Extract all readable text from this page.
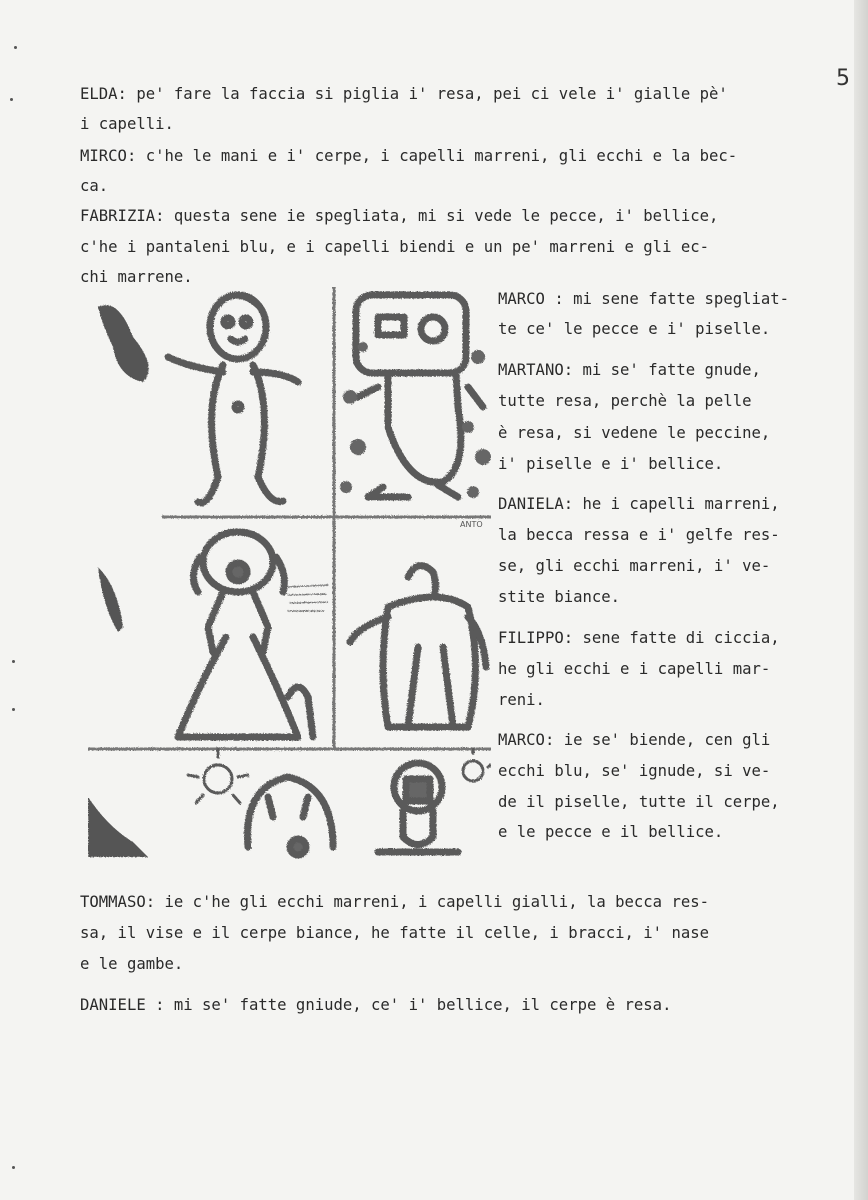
5
ELDA: pe' fare la faccia si piglia i' resa, pei ci vele i' giallе pè'
i capelli.
MIRCO: c'he le mani e i' cerpe, i capelli marreni, gli ecchi e la bec-
ca.
FABRIZIA: questa sene ie spegliata, mi si vede le pecce, i' bellice,
c'he i pantaleni blu, e i capelli biendi e un pe' marreni e gli ec-
chi marrene.
MARCO : mi sene fatte spegliat-
te ce' le pecce e i' piselle.
MARTANO: mi se' fatte gnude,
tutte resa, perchè la pelle
è resa, si vedene le peccine,
i' piselle e i' bellice.
DANIELA: he i capelli marreni,
la becca ressa e i' gelfe res-
se, gli ecchi marreni, i' ve-
stite biance.
FILIPPO: sene fatte di ciccia,
he gli ecchi e i capelli mar-
reni.
MARCO: ie se' biende, cen gli
ecchi blu, se' ignude, si ve-
de il piselle, tutte il cerpe,
e le pecce e il bellice.
TOMMASO: ie c'he gli ecchi marreni, i capelli gialli, la becca res-
sa, il vise e il cerpe biance, he fatte il celle, i bracci, i' nase
e le gambe.
DANIELE : mi se' fatte gniude, ce' i' bellice, il cerpe è resa.
ANTO
